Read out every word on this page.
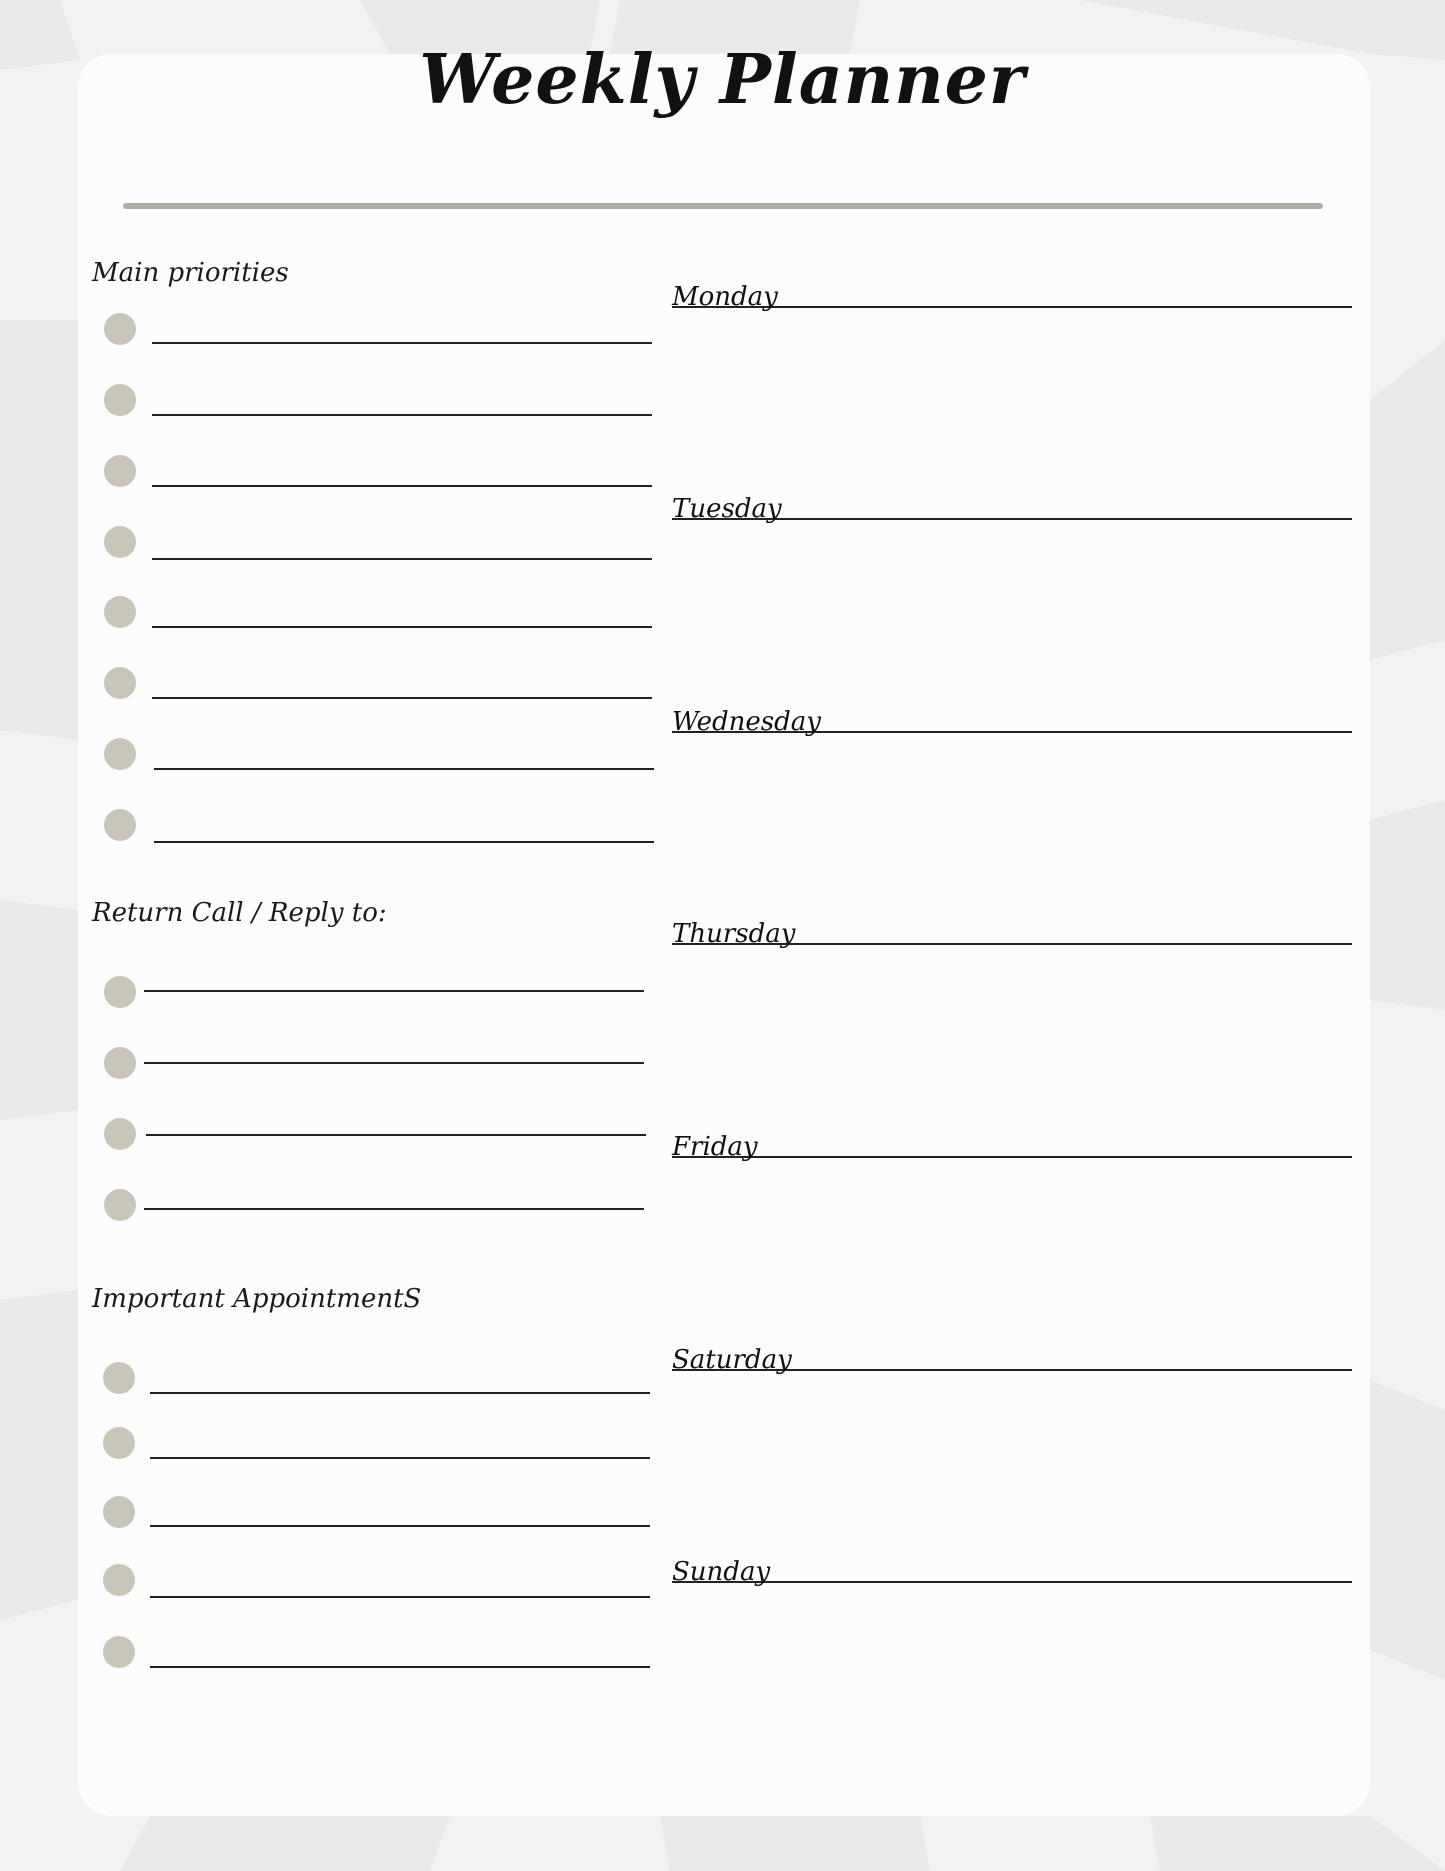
Weekly Planner
Main priorities
Return Call / Reply to:
Important AppointmentS
Monday
Tuesday
Wednesday
Thursday
Friday
Saturday
Sunday
